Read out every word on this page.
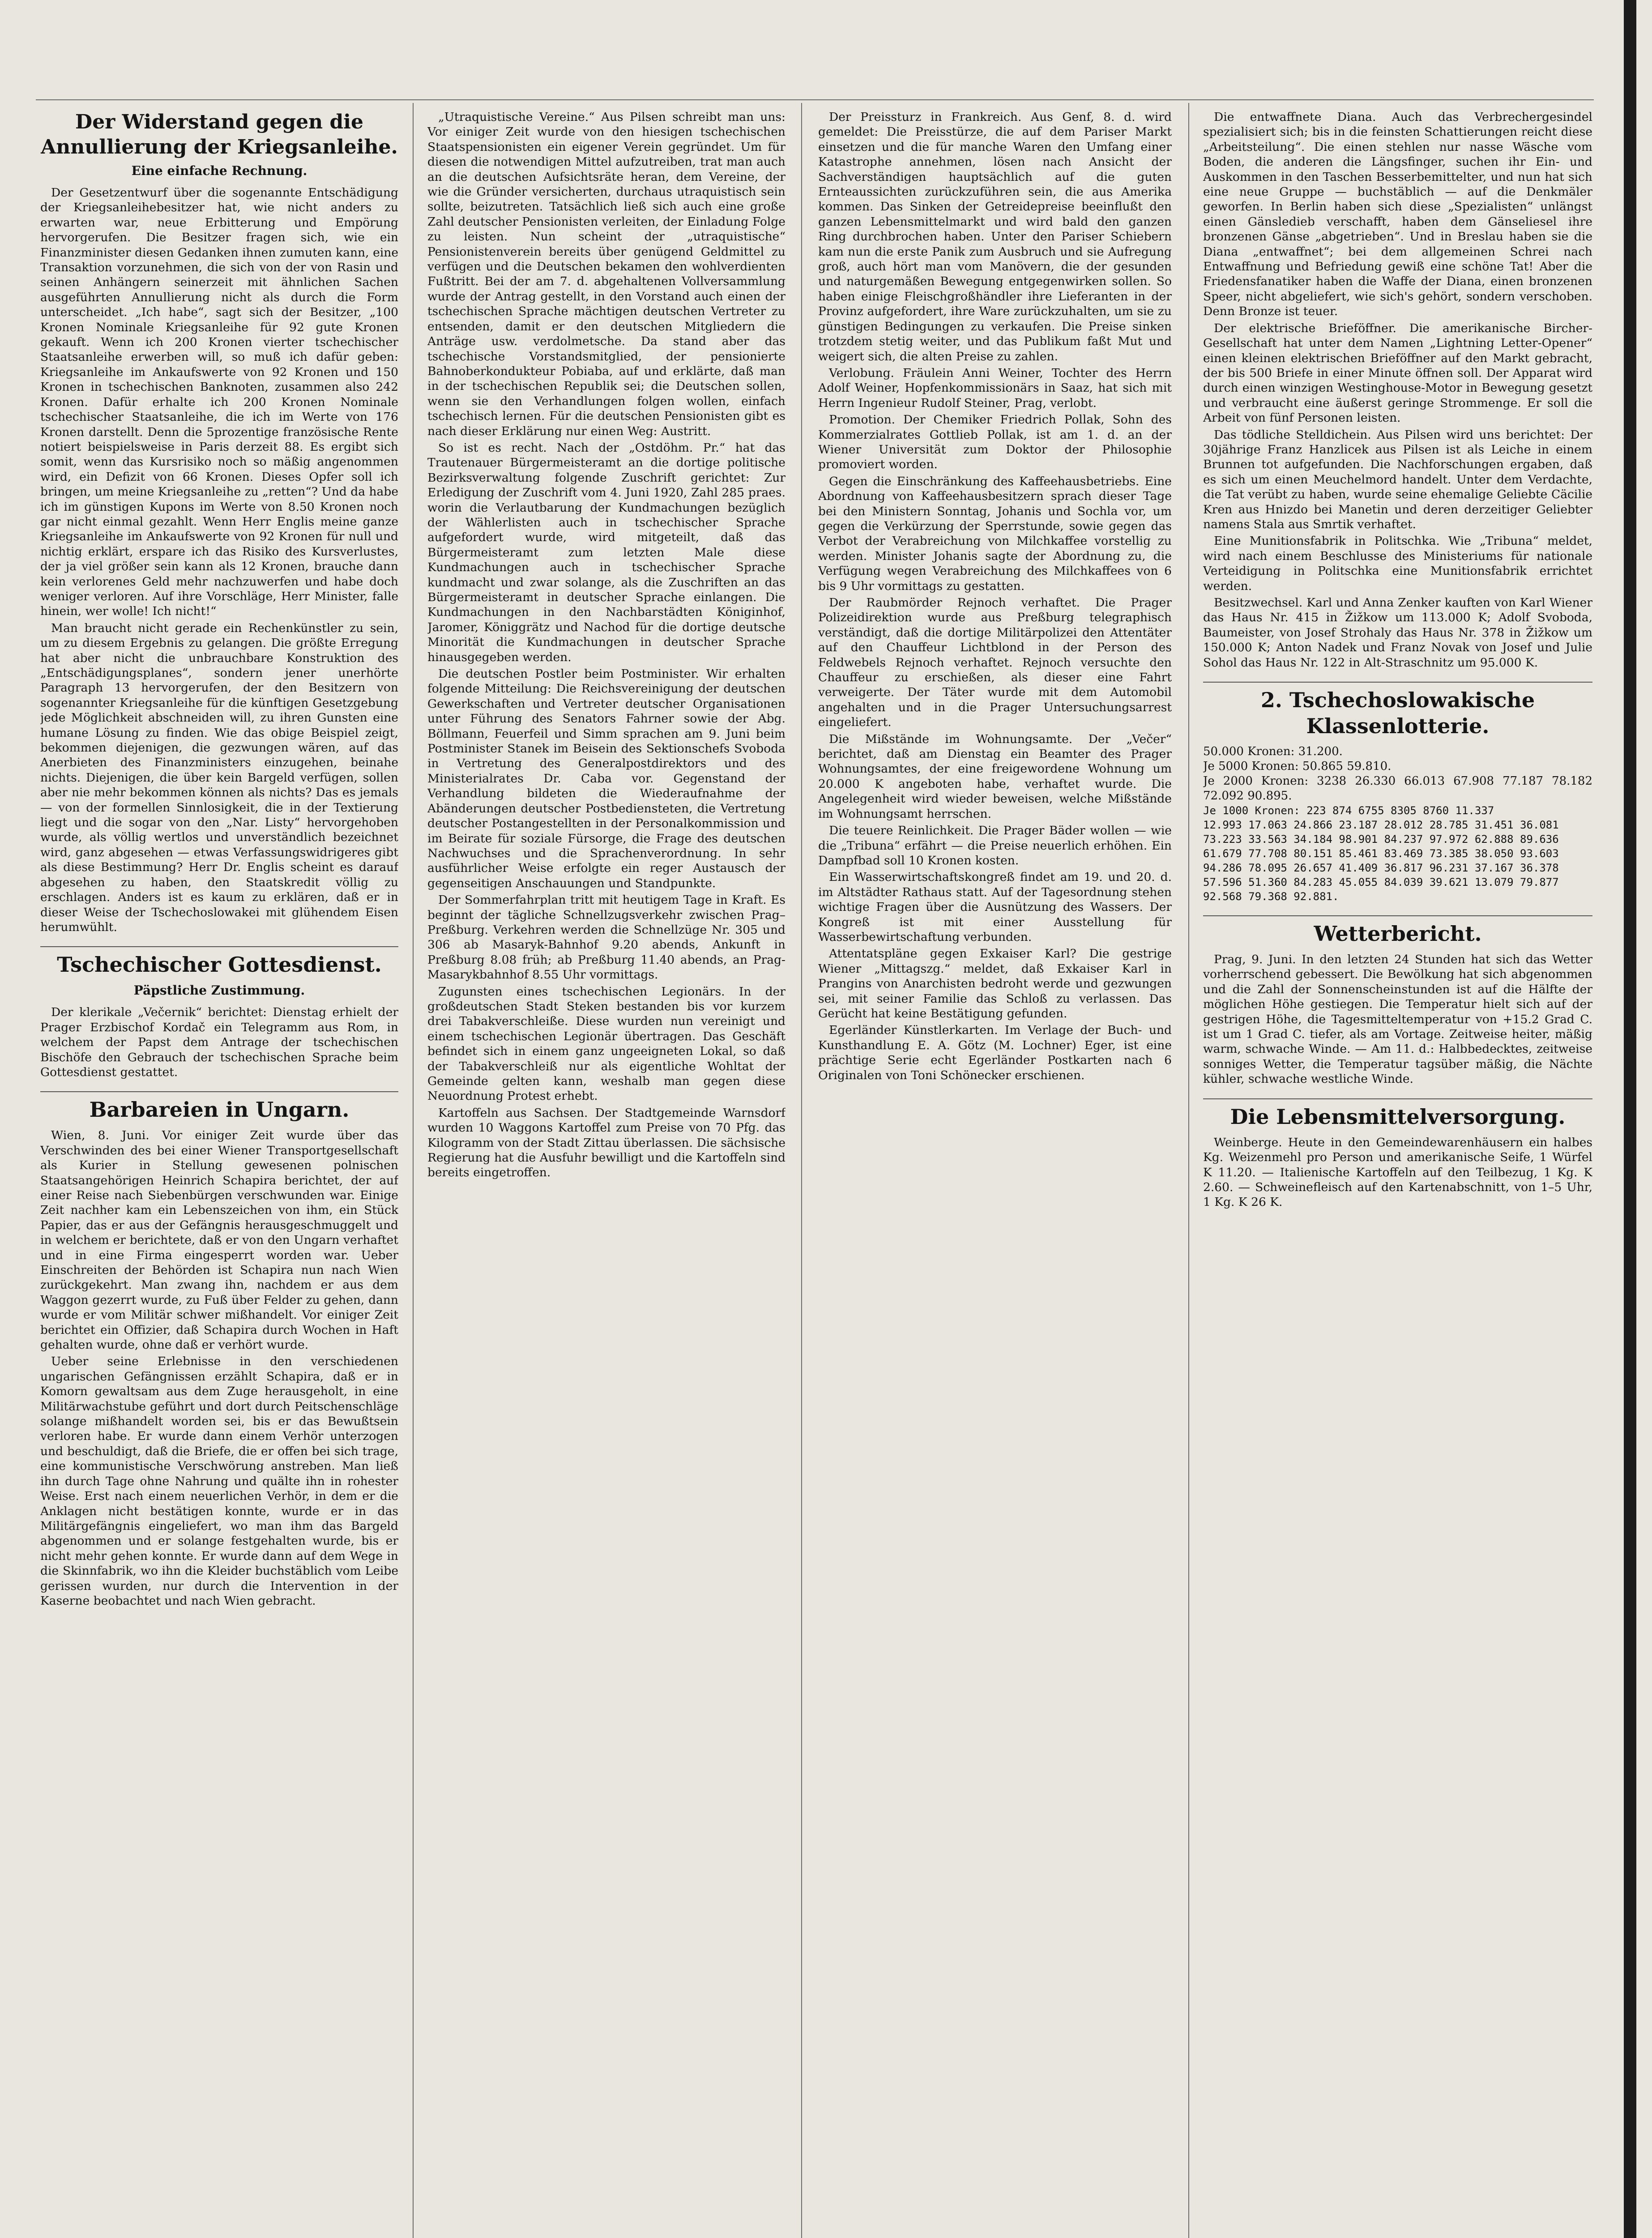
Der Widerstand gegen die Annullierung der Kriegsanleihe.
Eine einfache Rechnung.

Der Gesetzentwurf über die sogenannte Entschädigung der Kriegsanleihebesitzer hat, wie nicht anders zu erwarten war, neue Erbitterung und Empörung hervorgerufen. Die Besitzer fragen sich, wie ein Finanzminister diesen Gedanken ihnen zumuten kann, eine Transaktion vorzunehmen, die sich von der von Rasin und seinen Anhängern seinerzeit mit ähnlichen Sachen ausgeführten Annullierung nicht als durch die Form unterscheidet. „Ich habe“, sagt sich der Besitzer, „100 Kronen Nominale Kriegsanleihe für 92 gute Kronen gekauft. Wenn ich 200 Kronen vierter tschechischer Staatsanleihe erwerben will, so muß ich dafür geben: Kriegsanleihe im Ankaufswerte von 92 Kronen und 150 Kronen in tschechischen Banknoten, zusammen also 242 Kronen. Dafür erhalte ich 200 Kronen Nominale tschechischer Staatsanleihe, die ich im Werte von 176 Kronen darstellt. Denn die 5prozentige französische Rente notiert beispielsweise in Paris derzeit 88. Es ergibt sich somit, wenn das Kursrisiko noch so mäßig angenommen wird, ein Defizit von 66 Kronen. Dieses Opfer soll ich bringen, um meine Kriegsanleihe zu „retten“? Und da habe ich im günstigen Kupons im Werte von 8.50 Kronen noch gar nicht einmal gezahlt. Wenn Herr Englis meine ganze Kriegsanleihe im Ankaufswerte von 92 Kronen für null und nichtig erklärt, erspare ich das Risiko des Kursverlustes, der ja viel größer sein kann als 12 Kronen, brauche dann kein verlorenes Geld mehr nachzuwerfen und habe doch weniger verloren. Auf ihre Vorschläge, Herr Minister, falle hinein, wer wolle! Ich nicht!“

Man braucht nicht gerade ein Rechenkünstler zu sein, um zu diesem Ergebnis zu gelangen. Die größte Erregung hat aber nicht die unbrauchbare Konstruktion des „Entschädigungsplanes“, sondern jener unerhörte Paragraph 13 hervorgerufen, der den Besitzern von sogenannter Kriegsanleihe für die künftigen Gesetzgebung jede Möglichkeit abschneiden will, zu ihren Gunsten eine humane Lösung zu finden. Wie das obige Beispiel zeigt, bekommen diejenigen, die gezwungen wären, auf das Anerbieten des Finanzministers einzugehen, beinahe nichts. Diejenigen, die über kein Bargeld verfügen, sollen aber nie mehr bekommen können als nichts? Das es jemals — von der formellen Sinnlosigkeit, die in der Textierung liegt und die sogar von den „Nar. Listy“ hervorgehoben wurde, als völlig wertlos und unverständlich bezeichnet wird, ganz abgesehen — etwas Verfassungswidrigeres gibt als diese Bestimmung? Herr Dr. Englis scheint es darauf abgesehen zu haben, den Staatskredit völlig zu erschlagen. Anders ist es kaum zu erklären, daß er in dieser Weise der Tschechoslowakei mit glühendem Eisen herumwühlt.

Tschechischer Gottesdienst.
Päpstliche Zustimmung.

Der klerikale „Večernik“ berichtet: Dienstag erhielt der Prager Erzbischof Kordač ein Telegramm aus Rom, in welchem der Papst dem Antrage der tschechischen Bischöfe den Gebrauch der tschechischen Sprache beim Gottesdienst gestattet.

Barbareien in Ungarn.

Wien, 8. Juni. Vor einiger Zeit wurde über das Verschwinden des bei einer Wiener Transportgesellschaft als Kurier in Stellung gewesenen polnischen Staatsangehörigen Heinrich Schapira berichtet, der auf einer Reise nach Siebenbürgen verschwunden war. Einige Zeit nachher kam ein Lebenszeichen von ihm, ein Stück Papier, das er aus der Gefängnis herausgeschmuggelt und in welchem er berichtete, daß er von den Ungarn verhaftet und in eine Firma eingesperrt worden war. Ueber Einschreiten der Behörden ist Schapira nun nach Wien zurückgekehrt. Man zwang ihn, nachdem er aus dem Waggon gezerrt wurde, zu Fuß über Felder zu gehen, dann wurde er vom Militär schwer mißhandelt. Vor einiger Zeit berichtet ein Offizier, daß Schapira durch Wochen in Haft gehalten wurde, ohne daß er verhört wurde.

Ueber seine Erlebnisse in den verschiedenen ungarischen Gefängnissen erzählt Schapira, daß er in Komorn gewaltsam aus dem Zuge herausgeholt, in eine Militärwachstube geführt und dort durch Peitschenschläge solange mißhandelt worden sei, bis er das Bewußtsein verloren habe. Er wurde dann einem Verhör unterzogen und beschuldigt, daß die Briefe, die er offen bei sich trage, eine kommunistische Verschwörung anstreben. Man ließ ihn durch Tage ohne Nahrung und quälte ihn in rohester Weise. Erst nach einem neuerlichen Verhör, in dem er die Anklagen nicht bestätigen konnte, wurde er in das Militärgefängnis eingeliefert, wo man ihm das Bargeld abgenommen und er solange festgehalten wurde, bis er nicht mehr gehen konnte. Er wurde dann auf dem Wege in die Skinnfabrik, wo ihn die Kleider buchstäblich vom Leibe gerissen wurden, nur durch die Intervention in der Kaserne beobachtet und nach Wien gebracht.

„Utraquistische Vereine.“ Aus Pilsen schreibt man uns: Vor einiger Zeit wurde von den hiesigen tschechischen Staatspensionisten ein eigener Verein gegründet. Um für diesen die notwendigen Mittel aufzutreiben, trat man auch an die deutschen Aufsichtsräte heran, dem Vereine, der wie die Gründer versicherten, durchaus utraquistisch sein sollte, beizutreten. Tatsächlich ließ sich auch eine große Zahl deutscher Pensionisten verleiten, der Einladung Folge zu leisten. Nun scheint der „utraquistische“ Pensionistenverein bereits über genügend Geldmittel zu verfügen und die Deutschen bekamen den wohlverdienten Fußtritt. Bei der am 7. d. abgehaltenen Vollversammlung wurde der Antrag gestellt, in den Vorstand auch einen der tschechischen Sprache mächtigen deutschen Vertreter zu entsenden, damit er den deutschen Mitgliedern die Anträge usw. verdolmetsche. Da stand aber das tschechische Vorstandsmitglied, der pensionierte Bahnoberkondukteur Pobiaba, auf und erklärte, daß man in der tschechischen Republik sei; die Deutschen sollen, wenn sie den Verhandlungen folgen wollen, einfach tschechisch lernen. Für die deutschen Pensionisten gibt es nach dieser Erklärung nur einen Weg: Austritt.

So ist es recht. Nach der „Ostdöhm. Pr.“ hat das Trautenauer Bürgermeisteramt an die dortige politische Bezirksverwaltung folgende Zuschrift gerichtet: Zur Erledigung der Zuschrift vom 4. Juni 1920, Zahl 285 praes. worin die Verlautbarung der Kundmachungen bezüglich der Wählerlisten auch in tschechischer Sprache aufgefordert wurde, wird mitgeteilt, daß das Bürgermeisteramt zum letzten Male diese Kundmachungen auch in tschechischer Sprache kundmacht und zwar solange, als die Zuschriften an das Bürgermeisteramt in deutscher Sprache einlangen. Die Kundmachungen in den Nachbarstädten Königinhof, Jaromer, Königgrätz und Nachod für die dortige deutsche Minorität die Kundmachungen in deutscher Sprache hinausgegeben werden.

Die deutschen Postler beim Postminister. Wir erhalten folgende Mitteilung: Die Reichsvereinigung der deutschen Gewerkschaften und Vertreter deutscher Organisationen unter Führung des Senators Fahrner sowie der Abg. Böllmann, Feuerfeil und Simm sprachen am 9. Juni beim Postminister Stanek im Beisein des Sektionschefs Svoboda in Vertretung des Generalpostdirektors und des Ministerialrates Dr. Caba vor. Gegenstand der Verhandlung bildeten die Wiederaufnahme der Abänderungen deutscher Postbediensteten, die Vertretung deutscher Postangestellten in der Personalkommission und im Beirate für soziale Fürsorge, die Frage des deutschen Nachwuchses und die Sprachenverordnung. In sehr ausführlicher Weise erfolgte ein reger Austausch der gegenseitigen Anschauungen und Standpunkte.

Der Sommerfahrplan tritt mit heutigem Tage in Kraft. Es beginnt der tägliche Schnellzugsverkehr zwischen Prag–Preßburg. Verkehren werden die Schnellzüge Nr. 305 und 306 ab Masaryk-Bahnhof 9.20 abends, Ankunft in Preßburg 8.08 früh; ab Preßburg 11.40 abends, an Prag-Masarykbahnhof 8.55 Uhr vormittags.

Zugunsten eines tschechischen Legionärs. In der großdeutschen Stadt Steken bestanden bis vor kurzem drei Tabakverschleiße. Diese wurden nun vereinigt und einem tschechischen Legionär übertragen. Das Geschäft befindet sich in einem ganz ungeeigneten Lokal, so daß der Tabakverschleiß nur als eigentliche Wohltat der Gemeinde gelten kann, weshalb man gegen diese Neuordnung Protest erhebt.

Kartoffeln aus Sachsen. Der Stadtgemeinde Warnsdorf wurden 10 Waggons Kartoffel zum Preise von 70 Pfg. das Kilogramm von der Stadt Zittau überlassen. Die sächsische Regierung hat die Ausfuhr bewilligt und die Kartoffeln sind bereits eingetroffen.

Der Preissturz in Frankreich. Aus Genf, 8. d. wird gemeldet: Die Preisstürze, die auf dem Pariser Markt einsetzen und die für manche Waren den Umfang einer Katastrophe annehmen, lösen nach Ansicht der Sachverständigen hauptsächlich auf die guten Ernteaussichten zurückzuführen sein, die aus Amerika kommen. Das Sinken der Getreidepreise beeinflußt den ganzen Lebensmittelmarkt und wird bald den ganzen Ring durchbrochen haben. Unter den Pariser Schiebern kam nun die erste Panik zum Ausbruch und sie Aufregung groß, auch hört man vom Manövern, die der gesunden und naturgemäßen Bewegung entgegenwirken sollen. So haben einige Fleischgroßhändler ihre Lieferanten in der Provinz aufgefordert, ihre Ware zurückzuhalten, um sie zu günstigen Bedingungen zu verkaufen. Die Preise sinken trotzdem stetig weiter, und das Publikum faßt Mut und weigert sich, die alten Preise zu zahlen.

Verlobung. Fräulein Anni Weiner, Tochter des Herrn Adolf Weiner, Hopfenkommissionärs in Saaz, hat sich mit Herrn Ingenieur Rudolf Steiner, Prag, verlobt.

Promotion. Der Chemiker Friedrich Pollak, Sohn des Kommerzialrates Gottlieb Pollak, ist am 1. d. an der Wiener Universität zum Doktor der Philosophie promoviert worden.

Gegen die Einschränkung des Kaffeehausbetriebs. Eine Abordnung von Kaffeehausbesitzern sprach dieser Tage bei den Ministern Sonntag, Johanis und Sochla vor, um gegen die Verkürzung der Sperrstunde, sowie gegen das Verbot der Verabreichung von Milchkaffee vorstellig zu werden. Minister Johanis sagte der Abordnung zu, die Verfügung wegen Verabreichung des Milchkaffees von 6 bis 9 Uhr vormittags zu gestatten.

Der Raubmörder Rejnoch verhaftet. Die Prager Polizeidirektion wurde aus Preßburg telegraphisch verständigt, daß die dortige Militärpolizei den Attentäter auf den Chauffeur Lichtblond in der Person des Feldwebels Rejnoch verhaftet. Rejnoch versuchte den Chauffeur zu erschießen, als dieser eine Fahrt verweigerte. Der Täter wurde mit dem Automobil angehalten und in die Prager Untersuchungsarrest eingeliefert.

Die Mißstände im Wohnungsamte. Der „Večer“ berichtet, daß am Dienstag ein Beamter des Prager Wohnungsamtes, der eine freigewordene Wohnung um 20.000 K angeboten habe, verhaftet wurde. Die Angelegenheit wird wieder beweisen, welche Mißstände im Wohnungsamt herrschen.

Die teuere Reinlichkeit. Die Prager Bäder wollen — wie die „Tribuna“ erfährt — die Preise neuerlich erhöhen. Ein Dampfbad soll 10 Kronen kosten.

Ein Wasserwirtschaftskongreß findet am 19. und 20. d. im Altstädter Rathaus statt. Auf der Tagesordnung stehen wichtige Fragen über die Ausnützung des Wassers. Der Kongreß ist mit einer Ausstellung für Wasserbewirtschaftung verbunden.

Attentatspläne gegen Exkaiser Karl? Die gestrige Wiener „Mittagszg.“ meldet, daß Exkaiser Karl in Prangins von Anarchisten bedroht werde und gezwungen sei, mit seiner Familie das Schloß zu verlassen. Das Gerücht hat keine Bestätigung gefunden.

Egerländer Künstlerkarten. Im Verlage der Buch- und Kunsthandlung E. A. Götz (M. Lochner) Eger, ist eine prächtige Serie echt Egerländer Postkarten nach 6 Originalen von Toni Schönecker erschienen.

Die entwaffnete Diana. Auch das Verbrechergesindel spezialisiert sich; bis in die feinsten Schattierungen reicht diese „Arbeitsteilung“. Die einen stehlen nur nasse Wäsche vom Boden, die anderen die Längsfinger, suchen ihr Ein- und Auskommen in den Taschen Besserbemittelter, und nun hat sich eine neue Gruppe — buchstäblich — auf die Denkmäler geworfen. In Berlin haben sich diese „Spezialisten“ unlängst einen Gänsledieb verschafft, haben dem Gänseliesel ihre bronzenen Gänse „abgetrieben“. Und in Breslau haben sie die Diana „entwaffnet“; bei dem allgemeinen Schrei nach Entwaffnung und Befriedung gewiß eine schöne Tat! Aber die Friedensfanatiker haben die Waffe der Diana, einen bronzenen Speer, nicht abgeliefert, wie sich's gehört, sondern verschoben. Denn Bronze ist teuer.

Der elektrische Brieföffner. Die amerikanische Bircher-Gesellschaft hat unter dem Namen „Lightning Letter-Opener“ einen kleinen elektrischen Brieföffner auf den Markt gebracht, der bis 500 Briefe in einer Minute öffnen soll. Der Apparat wird durch einen winzigen Westinghouse-Motor in Bewegung gesetzt und verbraucht eine äußerst geringe Strommenge. Er soll die Arbeit von fünf Personen leisten.

Das tödliche Stelldichein. Aus Pilsen wird uns berichtet: Der 30jährige Franz Hanzlicek aus Pilsen ist als Leiche in einem Brunnen tot aufgefunden. Die Nachforschungen ergaben, daß es sich um einen Meuchelmord handelt. Unter dem Verdachte, die Tat verübt zu haben, wurde seine ehemalige Geliebte Cäcilie Kren aus Hnizdo bei Manetin und deren derzeitiger Geliebter namens Stala aus Smrtik verhaftet.

Eine Munitionsfabrik in Politschka. Wie „Tribuna“ meldet, wird nach einem Beschlusse des Ministeriums für nationale Verteidigung in Politschka eine Munitionsfabrik errichtet werden.

Besitzwechsel. Karl und Anna Zenker kauften von Karl Wiener das Haus Nr. 415 in Žižkow um 113.000 K; Adolf Svoboda, Baumeister, von Josef Strohaly das Haus Nr. 378 in Žižkow um 150.000 K; Anton Nadek und Franz Novak von Josef und Julie Sohol das Haus Nr. 122 in Alt-Straschnitz um 95.000 K.

2. Tschechoslowakische Klassenlotterie.

50.000 Kronen: 31.200.

Je 5000 Kronen: 50.865 59.810.

Je 2000 Kronen: 3238 26.330 66.013 67.908 77.187 78.182 72.092 90.895.

Je 1000 Kronen: 223 874 6755 8305 8760 11.337

12.993 17.063 24.866 23.187 28.012 28.785 31.451 36.081

73.223 33.563 34.184 98.901 84.237 97.972 62.888 89.636

61.679 77.708 80.151 85.461 83.469 73.385 38.050 93.603

94.286 78.095 26.657 41.409 36.817 96.231 37.167 36.378

57.596 51.360 84.283 45.055 84.039 39.621 13.079 79.877

92.568 79.368 92.881.

Wetterbericht.

Prag, 9. Juni. In den letzten 24 Stunden hat sich das Wetter vorherrschend gebessert. Die Bewölkung hat sich abgenommen und die Zahl der Sonnenscheinstunden ist auf die Hälfte der möglichen Höhe gestiegen. Die Temperatur hielt sich auf der gestrigen Höhe, die Tagesmitteltemperatur von +15.2 Grad C. ist um 1 Grad C. tiefer, als am Vortage. Zeitweise heiter, mäßig warm, schwache Winde. — Am 11. d.: Halbbedecktes, zeitweise sonniges Wetter, die Temperatur tagsüber mäßig, die Nächte kühler, schwache westliche Winde.

Die Lebensmittelversorgung.

Weinberge. Heute in den Gemeindewarenhäusern ein halbes Kg. Weizenmehl pro Person und amerikanische Seife, 1 Würfel K 11.20. — Italienische Kartoffeln auf den Teilbezug, 1 Kg. K 2.60. — Schweinefleisch auf den Kartenabschnitt, von 1–5 Uhr, 1 Kg. K 26 K.
